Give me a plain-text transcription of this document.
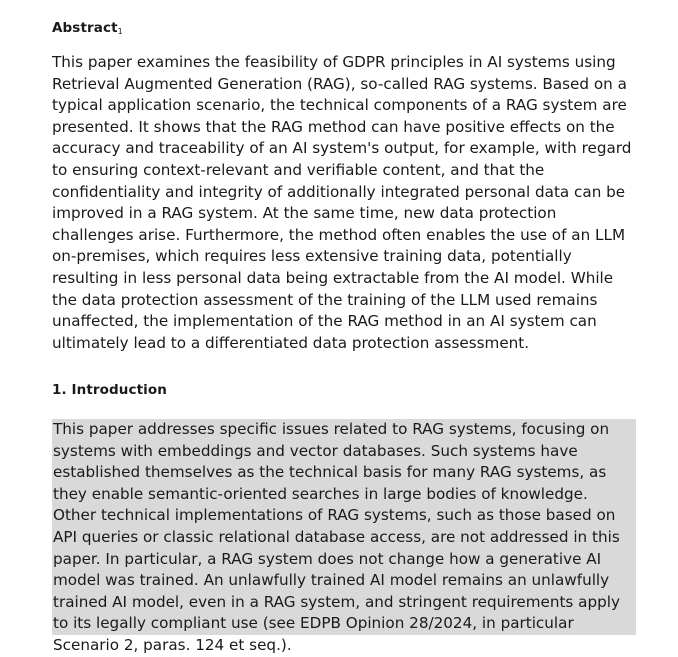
Abstract1

This paper examines the feasibility of GDPR principles in AI systems using Retrieval Augmented Generation (RAG), so-called RAG systems. Based on a typical application scenario, the technical components of a RAG system are presented. It shows that the RAG method can have positive effects on the accuracy and traceability of an AI system's output, for example, with regard to ensuring context-relevant and verifiable content, and that the confidentiality and integrity of additionally integrated personal data can be improved in a RAG system. At the same time, new data protection challenges arise. Furthermore, the method often enables the use of an LLM on-premises, which requires less extensive training data, potentially resulting in less personal data being extractable from the AI model. While the data protection assessment of the training of the LLM used remains unaffected, the implementation of the RAG method in an AI system can ultimately lead to a differentiated data protection assessment.

1. Introduction

This paper addresses specific issues related to RAG systems, focusing on systems with embeddings and vector databases. Such systems have established themselves as the technical basis for many RAG systems, as they enable semantic-oriented searches in large bodies of knowledge. Other technical implementations of RAG systems, such as those based on API queries or classic relational database access, are not addressed in this paper. In particular, a RAG system does not change how a generative AI model was trained. An unlawfully trained AI model remains an unlawfully trained AI model, even in a RAG system, and stringent requirements apply to its legally compliant use (see EDPB Opinion 28/2024, in particular Scenario 2, paras. 124 et seq.).
